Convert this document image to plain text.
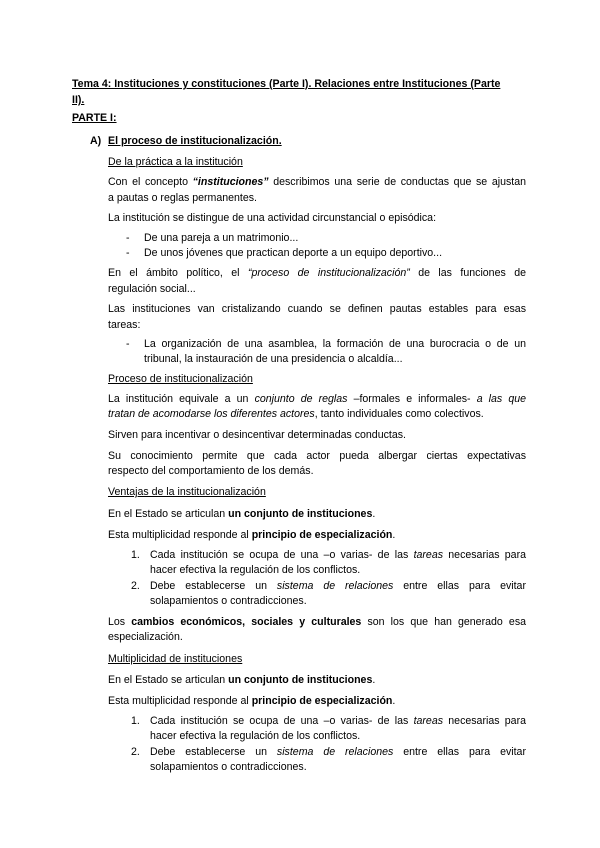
Tema 4: Instituciones y constituciones (Parte I). Relaciones entre Instituciones (Parte
II).
PARTE I:
A) El proceso de institucionalización.
De la práctica a la institución
Con el concepto “instituciones” describimos una serie de conductas que se ajustan
a pautas o reglas permanentes.
La institución se distingue de una actividad circunstancial o episódica:
- De una pareja a un matrimonio...
- De unos jóvenes que practican deporte a un equipo deportivo...
En el ámbito político, el “proceso de institucionalización” de las funciones de
regulación social...
Las instituciones van cristalizando cuando se definen pautas estables para esas
tareas:
- La organización de una asamblea, la formación de una burocracia o de un
tribunal, la instauración de una presidencia o alcaldía...
Proceso de institucionalización
La institución equivale a un conjunto de reglas –formales e informales- a las que
tratan de acomodarse los diferentes actores, tanto individuales como colectivos.
Sirven para incentivar o desincentivar determinadas conductas.
Su conocimiento permite que cada actor pueda albergar ciertas expectativas
respecto del comportamiento de los demás.
Ventajas de la institucionalización
En el Estado se articulan un conjunto de instituciones.
Esta multiplicidad responde al principio de especialización.
1. Cada institución se ocupa de una –o varias- de las tareas necesarias para
hacer efectiva la regulación de los conflictos.
2. Debe establecerse un sistema de relaciones entre ellas para evitar
solapamientos o contradicciones.
Los cambios económicos, sociales y culturales son los que han generado esa
especialización.
Multiplicidad de instituciones
En el Estado se articulan un conjunto de instituciones.
Esta multiplicidad responde al principio de especialización.
1. Cada institución se ocupa de una –o varias- de las tareas necesarias para
hacer efectiva la regulación de los conflictos.
2. Debe establecerse un sistema de relaciones entre ellas para evitar
solapamientos o contradicciones.
